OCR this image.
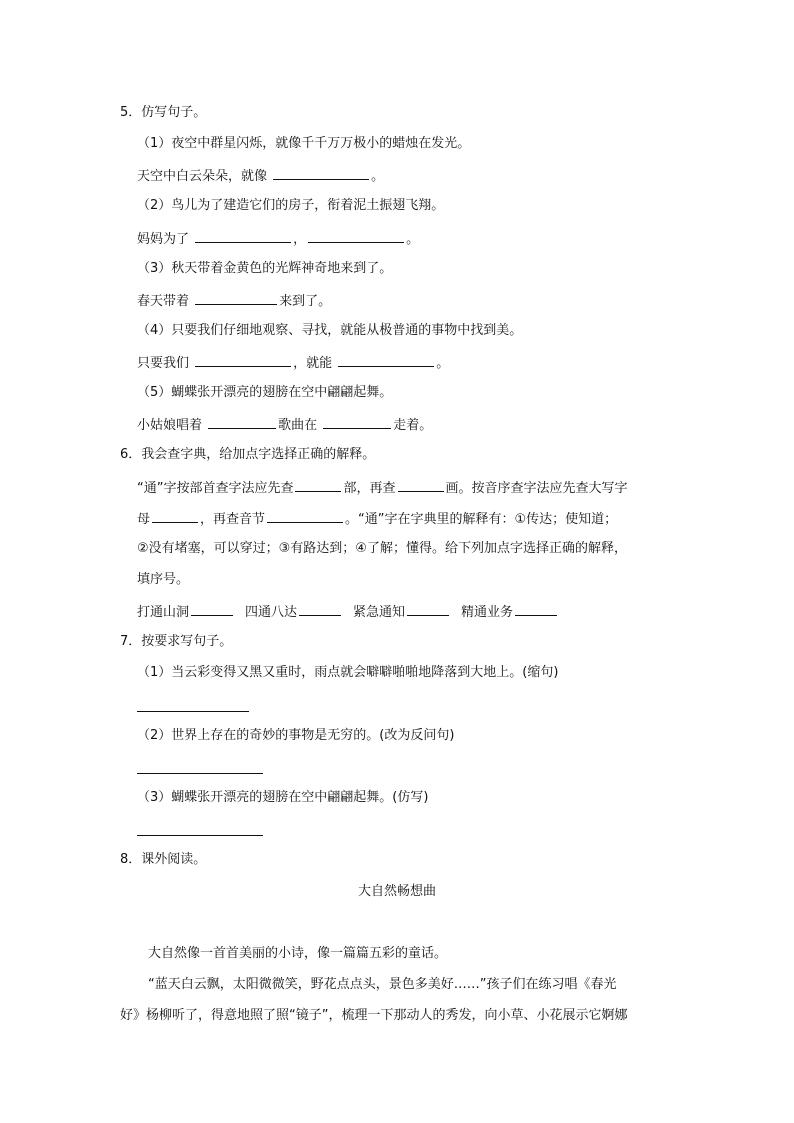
5．仿写句子。
（1）夜空中群星闪烁，就像千千万万极小的蜡烛在发光。
天空中白云朵朵，就像	。
（2）鸟儿为了建造它们的房子，衔着泥土振翅飞翔。
妈妈为了	，	。
（3）秋天带着金黄色的光辉神奇地来到了。
春天带着	来到了。
（4）只要我们仔细地观察、寻找，就能从极普通的事物中找到美。
只要我们	，就能	。
（5）蝴蝶张开漂亮的翅膀在空中翩翩起舞。
小姑娘唱着	歌曲在	走着。
6．我会查字典，给加点字选择正确的解释。
“通”字按部首查字法应先查	部，再查	画。按音序查字法应先查大写字
母	，再查音节	。“通”字在字典里的解释有：①传达；使知道；
②没有堵塞，可以穿过；③有路达到；④了解；懂得。给下列加点字选择正确的解释，
填序号。
打通山洞	四通八达	紧急通知	精通业务
7．按要求写句子。
（1）当云彩变得又黑又重时，雨点就会噼噼啪啪地降落到大地上。(缩句)
（2）世界上存在的奇妙的事物是无穷的。(改为反问句)
（3）蝴蝶张开漂亮的翅膀在空中翩翩起舞。(仿写)
8．课外阅读。
大自然畅想曲
大自然像一首首美丽的小诗，像一篇篇五彩的童话。
“蓝天白云飘，太阳微微笑，野花点点头，景色多美好……”孩子们在练习唱《春光
好》杨柳听了，得意地照了照“镜子”，梳理一下那动人的秀发，向小草、小花展示它婀娜
